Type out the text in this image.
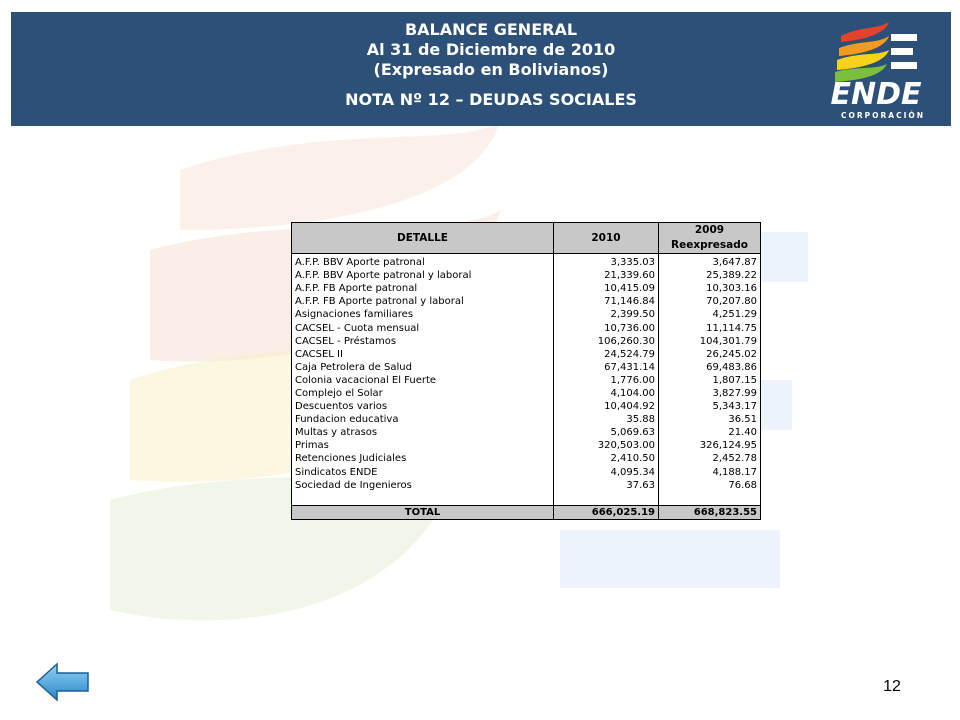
BALANCE GENERAL
Al 31 de Diciembre de 2010
(Expresado en Bolivianos)
NOTA Nº 12 – DEUDAS SOCIALES	ENDE
CORPORACIÓN
DETALLE	2010	2009
Reexpresado

A.F.P. BBV Aporte patronal	3,335.03	3,647.87
A.F.P. BBV Aporte patronal y laboral	21,339.60	25,389.22
A.F.P. FB Aporte patronal	10,415.09	10,303.16
A.F.P. FB Aporte patronal y laboral	71,146.84	70,207.80
Asignaciones familiares	2,399.50	4,251.29
CACSEL - Cuota mensual	10,736.00	11,114.75
CACSEL - Préstamos	106,260.30	104,301.79
CACSEL II	24,524.79	26,245.02
Caja Petrolera de Salud	67,431.14	69,483.86
Colonia vacacional El Fuerte	1,776.00	1,807.15
Complejo el Solar	4,104.00	3,827.99
Descuentos varios	10,404.92	5,343.17
Fundacion educativa	35.88	36.51
Multas y atrasos	5,069.63	21.40
Primas	320,503.00	326,124.95
Retenciones Judiciales	2,410.50	2,452.78
Sindicatos ENDE	4,095.34	4,188.17
Sociedad de Ingenieros	37.63	76.68

TOTAL	666,025.19	668,823.55
12
